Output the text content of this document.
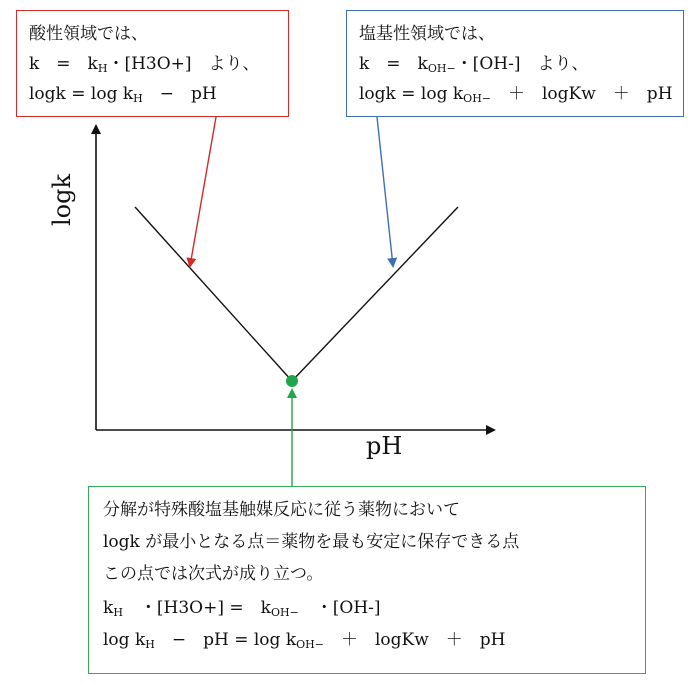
logk
pH
酸性領域では、
k　=　$k_H$・[H3O+]　より、
$\log k = \log k_H$　 −　pH
塩基性領域では、
k　=　$k_{OH-}$・[OH-]　より、
$\log k = \log k_{OH-}$　 ＋　logKw　＋　pH
分解が特殊酸塩基触媒反応に従う薬物において
logk が最小となる点＝薬物を最も安定に保存できる点
この点では次式が成り立つ。
$k_H$　 ・[H3O+] =　$k_{OH-}$　 ・[OH-]
$\log k_H$　 −　pH = $\log k_{OH-}$　 ＋　logKw　＋　pH
